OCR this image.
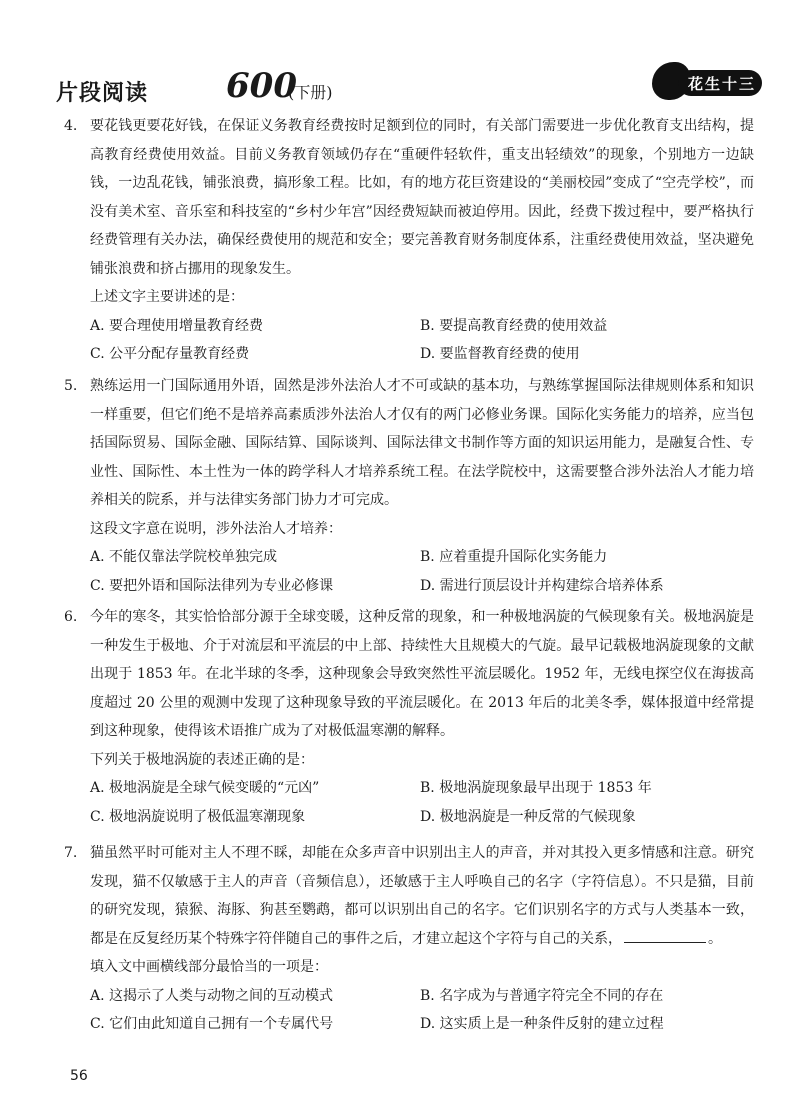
片段阅读 600
(下册)	花生十三
4. 要花钱更要花好钱，在保证义务教育经费按时足额到位的同时，有关部门需要进一步优化教育支出结构，提高教育经费使用效益。目前义务教育领域仍存在“重硬件轻软件，重支出轻绩效”的现象，个别地方一边缺钱，一边乱花钱，铺张浪费，搞形象工程。比如，有的地方花巨资建设的“美丽校园”变成了“空壳学校”，而没有美术室、音乐室和科技室的“乡村少年宫”因经费短缺而被迫停用。因此，经费下拨过程中，要严格执行经费管理有关办法，确保经费使用的规范和安全；要完善教育财务制度体系，注重经费使用效益，坚决避免铺张浪费和挤占挪用的现象发生。
上述文字主要讲述的是：
A. 要合理使用增量教育经费	B. 要提高教育经费的使用效益
C. 公平分配存量教育经费	D. 要监督教育经费的使用
5. 熟练运用一门国际通用外语，固然是涉外法治人才不可或缺的基本功，与熟练掌握国际法律规则体系和知识一样重要，但它们绝不是培养高素质涉外法治人才仅有的两门必修业务课。国际化实务能力的培养，应当包括国际贸易、国际金融、国际结算、国际谈判、国际法律文书制作等方面的知识运用能力，是融复合性、专业性、国际性、本土性为一体的跨学科人才培养系统工程。在法学院校中，这需要整合涉外法治人才能力培养相关的院系，并与法律实务部门协力才可完成。
这段文字意在说明，涉外法治人才培养：
A. 不能仅靠法学院校单独完成	B. 应着重提升国际化实务能力
C. 要把外语和国际法律列为专业必修课	D. 需进行顶层设计并构建综合培养体系
6. 今年的寒冬，其实恰恰部分源于全球变暖，这种反常的现象，和一种极地涡旋的气候现象有关。极地涡旋是一种发生于极地、介于对流层和平流层的中上部、持续性大且规模大的气旋。最早记载极地涡旋现象的文献出现于 1853 年。在北半球的冬季，这种现象会导致突然性平流层暖化。1952 年，无线电探空仪在海拔高度超过 20 公里的观测中发现了这种现象导致的平流层暖化。在 2013 年后的北美冬季，媒体报道中经常提到这种现象，使得该术语推广成为了对极低温寒潮的解释。
下列关于极地涡旋的表述正确的是：
A. 极地涡旋是全球气候变暖的“元凶”	B. 极地涡旋现象最早出现于 1853 年
C. 极地涡旋说明了极低温寒潮现象	D. 极地涡旋是一种反常的气候现象
7. 猫虽然平时可能对主人不理不睬，却能在众多声音中识别出主人的声音，并对其投入更多情感和注意。研究发现，猫不仅敏感于主人的声音（音频信息），还敏感于主人呼唤自己的名字（字符信息）。不只是猫，目前的研究发现，猿猴、海豚、狗甚至鹦鹉，都可以识别出自己的名字。它们识别名字的方式与人类基本一致，都是在反复经历某个特殊字符伴随自己的事件之后，才建立起这个字符与自己的关系，	。
填入文中画横线部分最恰当的一项是：
A. 这揭示了人类与动物之间的互动模式	B. 名字成为与普通字符完全不同的存在
C. 它们由此知道自己拥有一个专属代号	D. 这实质上是一种条件反射的建立过程
56
